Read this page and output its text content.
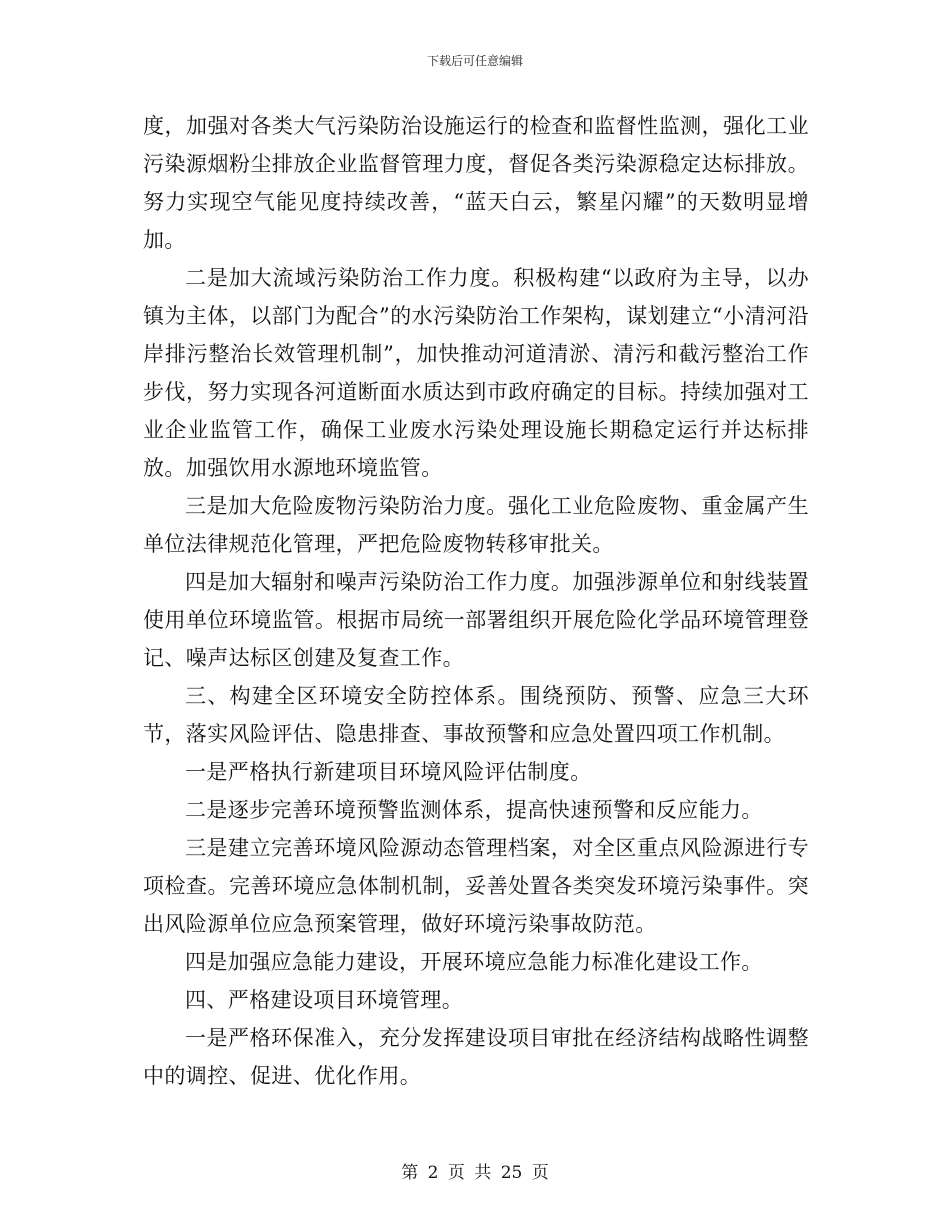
下载后可任意编辑

度，加强对各类大气污染防治设施运行的检查和监督性监测，强化工业污染源烟粉尘排放企业监督管理力度，督促各类污染源稳定达标排放。努力实现空气能见度持续改善，“蓝天白云，繁星闪耀”的天数明显增加。

二是加大流域污染防治工作力度。积极构建“以政府为主导，以办镇为主体，以部门为配合”的水污染防治工作架构，谋划建立“小清河沿岸排污整治长效管理机制”，加快推动河道清淤、清污和截污整治工作步伐，努力实现各河道断面水质达到市政府确定的目标。持续加强对工业企业监管工作，确保工业废水污染处理设施长期稳定运行并达标排放。加强饮用水源地环境监管。

三是加大危险废物污染防治力度。强化工业危险废物、重金属产生单位法律规范化管理，严把危险废物转移审批关。

四是加大辐射和噪声污染防治工作力度。加强涉源单位和射线装置使用单位环境监管。根据市局统一部署组织开展危险化学品环境管理登记、噪声达标区创建及复查工作。

三、构建全区环境安全防控体系。围绕预防、预警、应急三大环节，落实风险评估、隐患排查、事故预警和应急处置四项工作机制。

一是严格执行新建项目环境风险评估制度。

二是逐步完善环境预警监测体系，提高快速预警和反应能力。

三是建立完善环境风险源动态管理档案，对全区重点风险源进行专项检查。完善环境应急体制机制，妥善处置各类突发环境污染事件。突出风险源单位应急预案管理，做好环境污染事故防范。

四是加强应急能力建设，开展环境应急能力标准化建设工作。

四、严格建设项目环境管理。

一是严格环保准入，充分发挥建设项目审批在经济结构战略性调整中的调控、促进、优化作用。

第 2 页 共 25 页
